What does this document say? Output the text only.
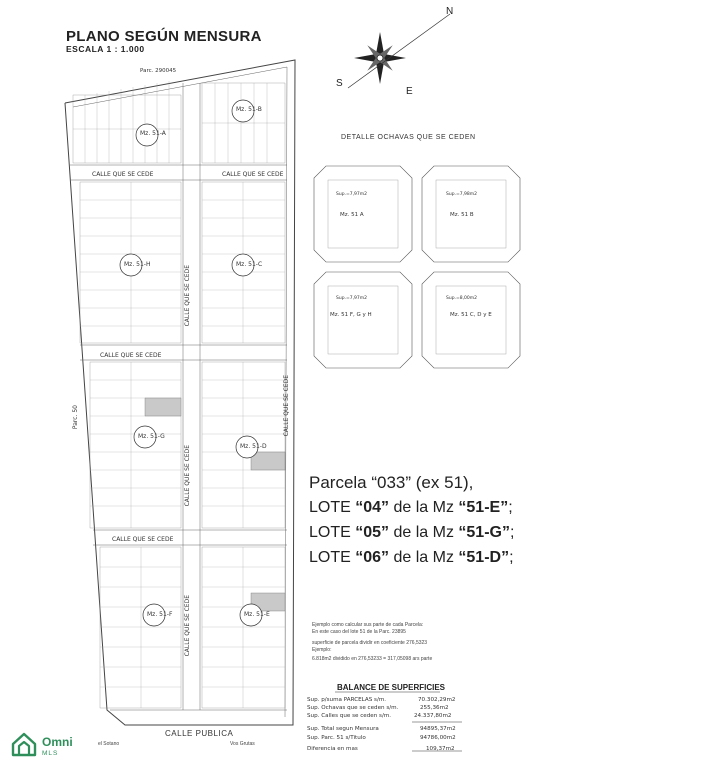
PLANO SEGÚN MENSURA
ESCALA 1 : 1.000
Parc. 290045
CALLE QUE SE CEDE	CALLE QUE SE CEDE
CALLE QUE SE CEDE
CALLE QUE SE CEDE
CALLE QUE SE CEDE
CALLE QUE SE CEDE
CALLE QUE SE CEDE
CALLE QUE SE CEDE
Parc. 50
CALLE PUBLICA
el Sotano	Vos Grutas
Mz. 51-A
Mz. 51-B
Mz. 51-H	Mz. 51-C
Mz. 51-G
Mz. 51-D
Mz. 51-F	Mz. 51-E
N
S
E
DETALLE OCHAVAS QUE SE CEDEN
Mz. 51 A	Mz. 51 B
Mz. 51 F, G y H	Mz. 51 C, D y E
Sup.=7,97m2	Sup.=7,98m2
Sup.=7,97m2	Sup.=8,00m2
Parcela “033” (ex 51),
LOTE “04” de la Mz “51-E”;
LOTE “05” de la Mz “51-G”;
LOTE “06” de la Mz “51-D”;
Ejemplo como calcular sus parte de cada Parcela:
En este caso del lote 51 de la Parc. 23895
superficie de parcela dividir en coeficiente 276,5323
Ejemplo:
6.818m2 dividido en 276,53233 = 317,05098 ars parte
BALANCE DE SUPERFICIES
Sup. p/suma PARCELAS s/m.	70.302,29m2
Sup. Ochavas que se ceden s/m.	255,36m2
Sup. Calles que se ceden s/m.	24.337,80m2
Sup. Total segun Mensura	94895,37m2
Sup. Parc. 51 s/Titulo	94786,00m2
Diferencia en mas	109,37m2
Omni
MLS
